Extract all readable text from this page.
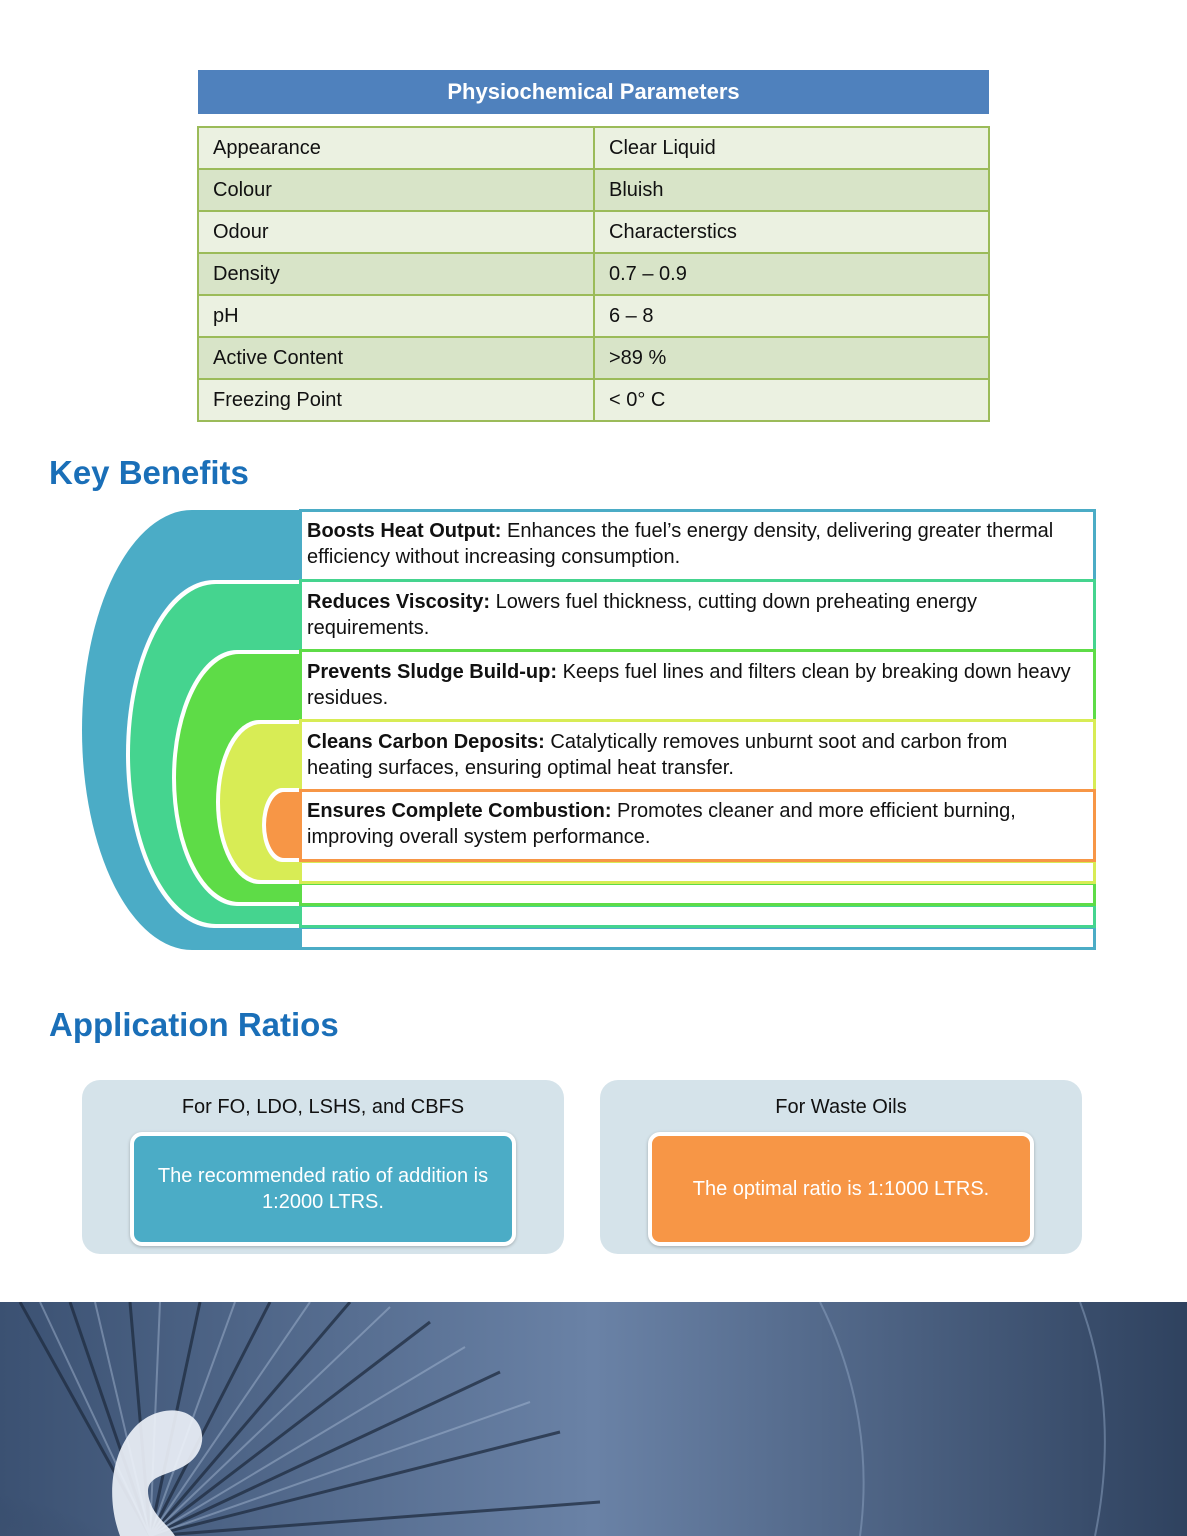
Physiochemical Parameters
Appearance	Clear Liquid
Colour	Bluish
Odour	Characterstics
Density	0.7 – 0.9
pH	6 – 8
Active Content	>89 %
Freezing Point	< 0° C
Key Benefits
Boosts Heat Output: Enhances the fuel’s energy density, delivering greater thermal efficiency without increasing consumption.
Reduces Viscosity: Lowers fuel thickness, cutting down preheating energy requirements.
Prevents Sludge Build-up: Keeps fuel lines and filters clean by breaking down heavy residues.
Cleans Carbon Deposits: Catalytically removes unburnt soot and carbon from heating surfaces, ensuring optimal heat transfer.
Ensures Complete Combustion: Promotes cleaner and more efficient burning, improving overall system performance.
Application Ratios
For FO, LDO, LSHS, and CBFS
The recommended ratio of addition is 1:2000 LTRS.
For Waste Oils
The optimal ratio is 1:1000 LTRS.
